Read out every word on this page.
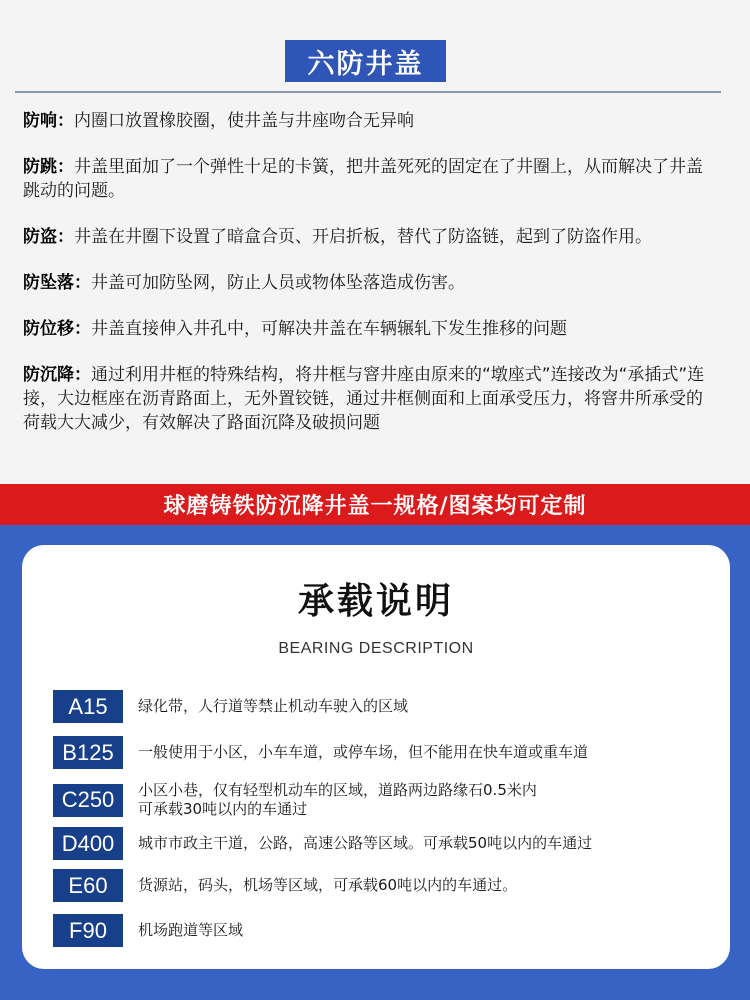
六防井盖
防响：内圈口放置橡胶圈，使井盖与井座吻合无异响
防跳：井盖里面加了一个弹性十足的卡簧，把井盖死死的固定在了井圈上，从而解决了井盖跳动的问题。
防盗：井盖在井圈下设置了暗盒合页、开启折板，替代了防盗链，起到了防盗作用。
防坠落：井盖可加防坠网，防止人员或物体坠落造成伤害。
防位移：井盖直接伸入井孔中，可解决井盖在车辆辗轧下发生推移的问题
防沉降：通过利用井框的特殊结构，将井框与窨井座由原来的“墩座式”连接改为“承插式”连接，大边框座在沥青路面上，无外置铰链，通过井框侧面和上面承受压力，将窨井所承受的荷载大大减少，有效解决了路面沉降及破损问题
球磨铸铁防沉降井盖一规格/图案均可定制
承载说明
BEARING DESCRIPTION
A15	绿化带，人行道等禁止机动车驶入的区域
B125	一般使用于小区，小车车道，或停车场，但不能用在快车道或重车道
C250	小区小巷，仅有轻型机动车的区域，道路两边路缘石0.5米内
可承载30吨以内的车通过
D400	城市市政主干道，公路，高速公路等区域。可承载50吨以内的车通过
E60	货源站，码头，机场等区域，可承载60吨以内的车通过。
F90	机场跑道等区域
